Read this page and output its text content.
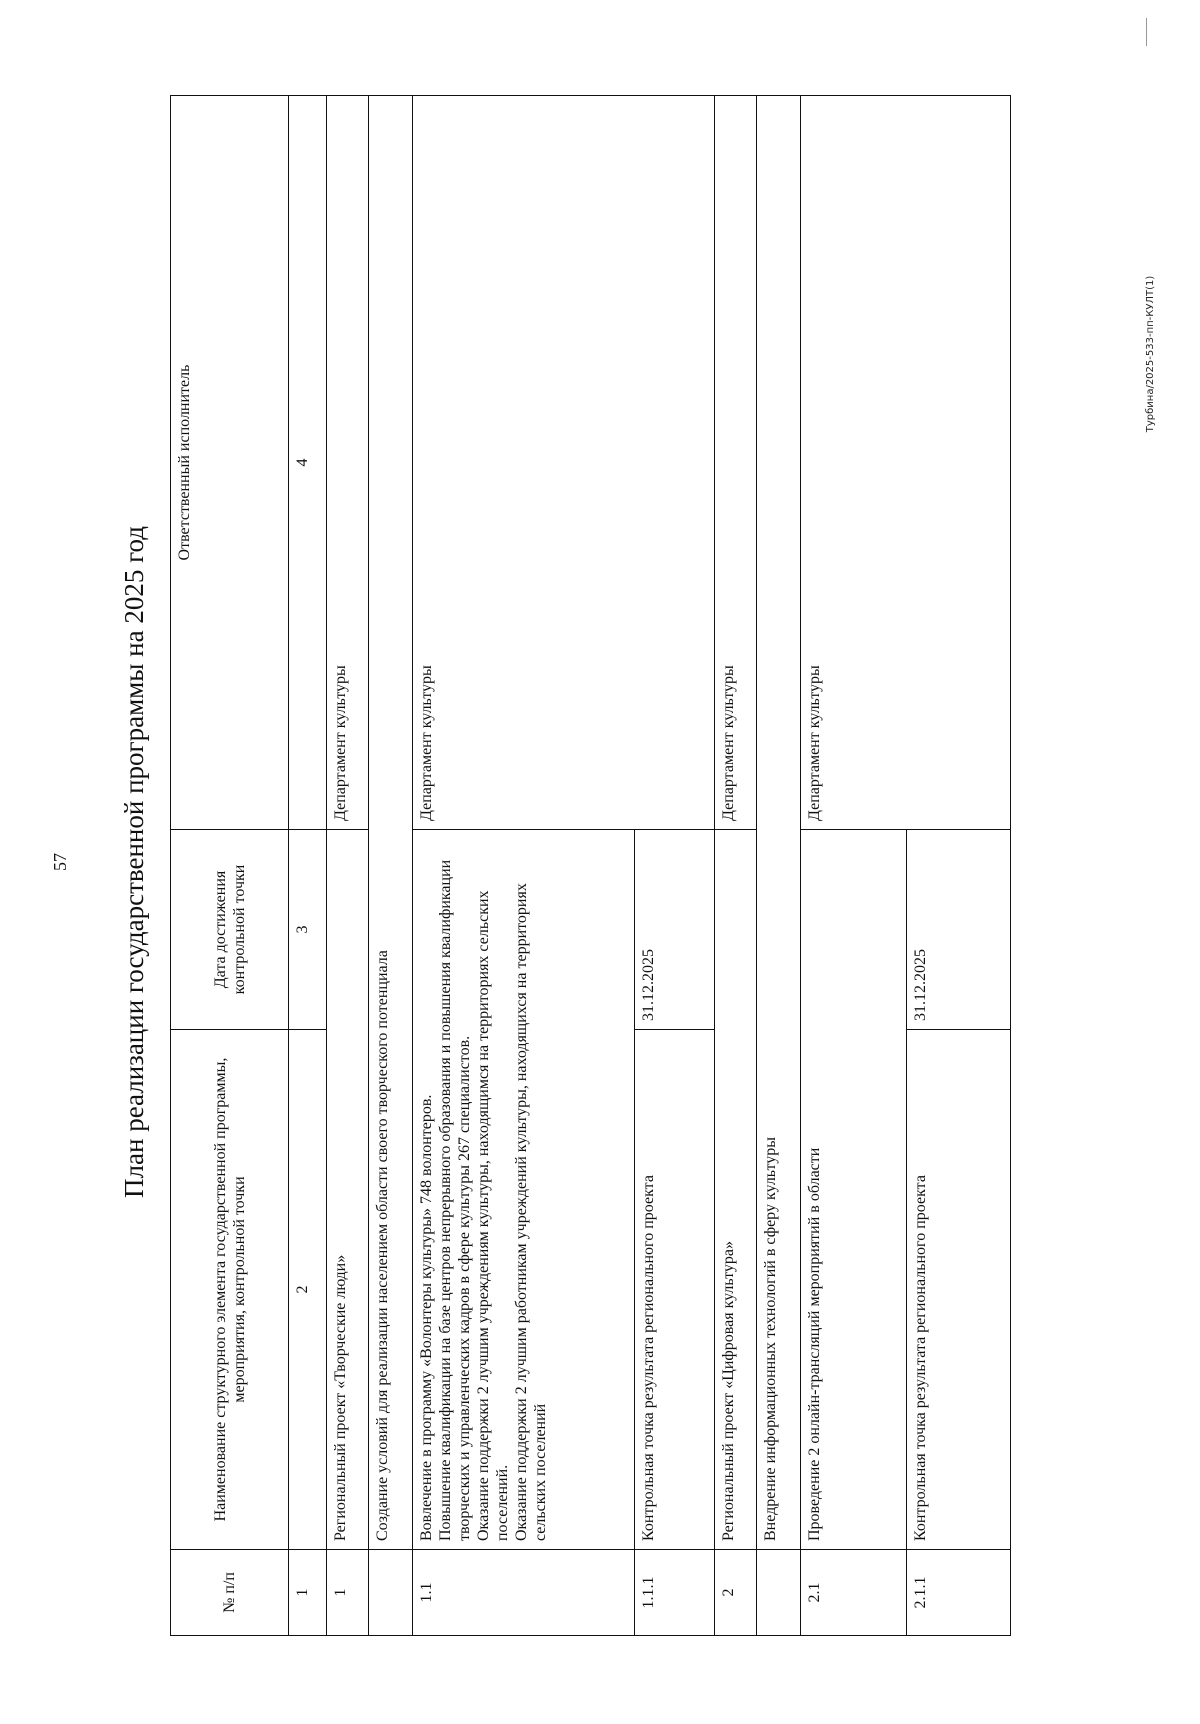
57 План реализации государственной программы на 2025 год
Турбина/2025-533-пп-КУЛТ(1)
№ п/п	Наименование структурного элемента государственной программы, мероприятия, контрольной точки	Дата достижения контрольной точки	Ответственный исполнитель
1	2	3	4
1	Региональный проект «Творческие люди»		Департамент культуры
	Создание условий для реализации населением области своего творческого потенциала		
1.1	Вовлечение в программу «Волонтеры культуры» 748 волонтеров.
Повышение квалификации на базе центров непрерывного образования и повышения квалификации творческих и управленческих кадров в сфере культуры 267 специалистов.
Оказание поддержки 2 лучшим учреждениям культуры, находящимся на территориях сельских поселений.
Оказание поддержки 2 лучшим работникам учреждений культуры, находящихся на территориях сельских поселений		Департамент культуры
1.1.1	Контрольная точка результата регионального проекта	31.12.2025	
2	Региональный проект «Цифровая культура»		Департамент культуры
	Внедрение информационных технологий в сферу культуры		
2.1	Проведение 2 онлайн-трансляций мероприятий в области		Департамент культуры
2.1.1	Контрольная точка результата регионального проекта	31.12.2025	
